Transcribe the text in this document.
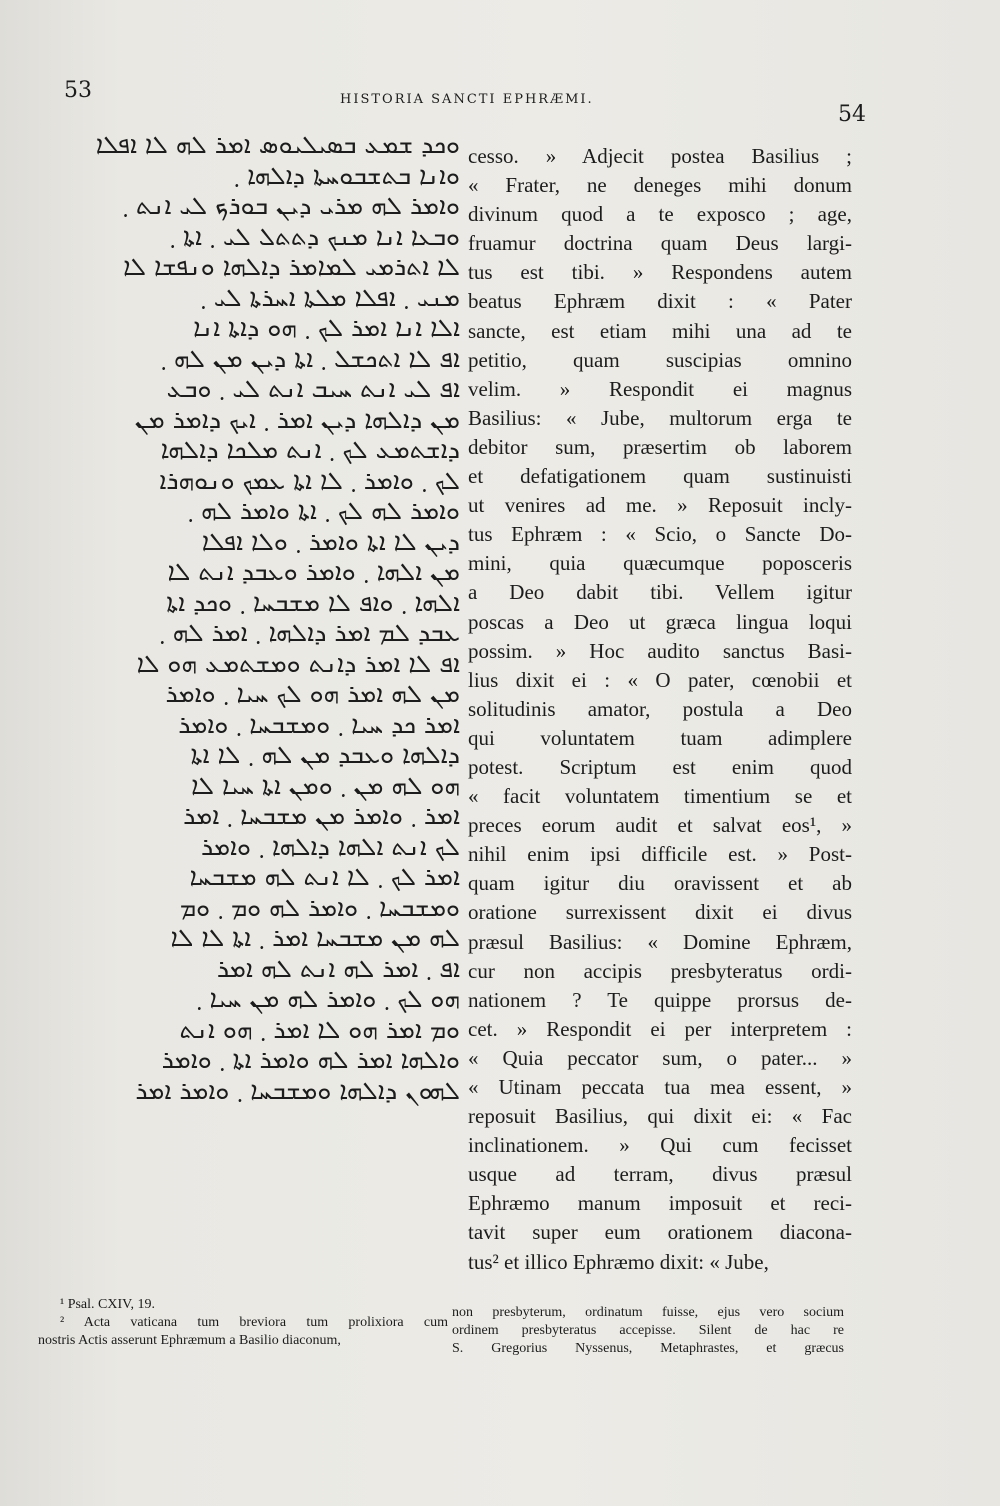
53	HISTORIA SANCTI EPHRÆMI.
54
ܘܟܕ ܫܡܥ ܒܣܝܠܝܘܣ ܐܡܪ ܠܗ ܠܐ ܐܦܠܐ
ܘܐܢܐ ܒܬܫܒܘܚܬܐ ܕܐܠܗܐ ܂
ܘܐܡܪ ܠܗ ܡܪܝ ܕܝܢ ܒܘܪܟ ܠܝ ܐܢܬ ܂
ܘܒܥܐ ܐܢܐ ܡܢܟ ܕܬܬܠ ܠܝ ܂ ܐܬܐ ܂
ܠܐ ܐܬܪܡܝ ܠܡܐܡܪ ܕܐܠܗܐ ܘܢܦܫܐ ܠܐ
ܡܢܝ ܂ ܐܦܠܐ ܡܠܬܐ ܐܚܪܬܐ ܠܝ ܂
ܐܠܐ ܐܢܐ ܐܡܪ ܠܟ ܂ ܗܘ ܕܐܬܐ ܐܢܐ
ܐܦ ܠܐ ܐܬܟܫܠ ܂ ܐܬܐ ܕܝܢ ܡܢ ܠܗ ܂
ܐܦ ܠܝ ܐܢܬ ܚܝܒ ܐܢܬ ܠܝ ܂ ܘܒܥ
ܡܢ ܕܐܠܗܐ ܕܝܢ ܐܡܪ ܂ ܐܝܟ ܕܐܡܪ ܡܢ
ܕܐܫܬܡܥ ܠܟ ܂ ܐܢܬ ܡܠܟܐ ܕܐܠܗܐ
ܠܟ ܂ ܘܐܡܪ ܂ ܠܐ ܐܬܐ ܥܡܟ ܘܢܘܗܪܐ
ܘܐܡܪ ܠܗ ܠܟ ܂ ܐܬܐ ܘܐܡܪ ܠܗ ܂
ܕܝܢ ܠܐ ܐܬܐ ܘܐܡܪ ܂ ܘܠܐ ܐܦܠܐ
ܡܢ ܐܠܗܐ ܂ ܘܐܡܪ ܘܥܒܕ ܐܢܬ ܠܐ
ܐܠܗܐ ܂ ܘܐܦ ܠܐ ܡܫܒܚܐ ܂ ܘܟܕ ܐܬܐ
ܥܒܕ ܠܡ ܐܡܪ ܕܐܠܗܐ ܂ ܐܡܪ ܠܗ ܂
ܐܦ ܠܐ ܐܡܪ ܕܐܢܬ ܘܡܫܬܡܥ ܗܘ ܠܐ
ܡܢ ܠܗ ܐܡܪ ܗܘ ܠܟ ܚܝܐ ܂ ܘܐܡܪ
ܐܡܪ ܟܕ ܚܝܐ ܂ ܘܡܫܒܚܐ ܂ ܘܐܡܪ
ܕܐܠܗܐ ܘܥܒܕ ܡܢ ܠܗ ܂ ܠܐ ܐܬܐ
ܗܘ ܠܗ ܡܢ ܂ ܘܡܢ ܐܬܐ ܚܝܐ ܠܐ
ܐܡܪ ܂ ܘܐܡܪ ܡܢ ܡܫܒܚܐ ܂ ܐܡܪ
ܠܟ ܐܢܬ ܐܠܗܐ ܕܐܠܗܐ ܂ ܘܐܡܪ
ܐܡܪ ܠܟ ܂ ܠܐ ܐܢܬ ܠܗ ܡܫܒܚܐ
ܘܡܫܒܚܐ ܂ ܘܐܡܪ ܠܗ ܘܡ ܂ ܘܡ
ܠܗ ܡܢ ܡܫܒܚܐ ܐܡܪ ܂ ܐܬܐ ܠܐ ܠܐ
ܐܦ ܂ ܐܡܪ ܠܗ ܐܢܬ ܠܗ ܐܡܪ
ܗܘ ܠܟ ܂ ܘܐܡܪ ܠܗ ܡܢ ܚܝܐ ܂
ܘܡ ܐܡܪ ܗܘ ܠܐ ܐܡܪ ܂ ܗܘ ܐܢܬ
ܘܐܠܗܐ ܐܡܪ ܠܗ ܘܐܡܪ ܐܬܐ ܂ ܘܐܡܪ
ܠܗܘܢ ܕܐܠܗܐ ܘܡܫܒܚܐ ܂ ܘܐܡܪ ܐܡܪ
cesso. » Adjecit postea Basilius ;
« Frater, ne deneges mihi donum
divinum quod a te exposco ; age,
fruamur doctrina quam Deus largi-
tus est tibi. » Respondens autem
beatus Ephræm dixit : « Pater
sancte, est etiam mihi una ad te
petitio, quam suscipias omnino
velim. » Respondit ei magnus
Basilius: « Jube, multorum erga te
debitor sum, præsertim ob laborem
et defatigationem quam sustinuisti
ut venires ad me. » Reposuit incly-
tus Ephræm : « Scio, o Sancte Do-
mini, quia quæcumque poposceris
a Deo dabit tibi. Vellem igitur
poscas a Deo ut græca lingua loqui
possim. » Hoc audito sanctus Basi-
lius dixit ei : « O pater, cœnobii et
solitudinis amator, postula a Deo
qui voluntatem tuam adimplere
potest. Scriptum est enim quod
« facit voluntatem timentium se et
preces eorum audit et salvat eos¹, »
nihil enim ipsi difficile est. » Post-
quam igitur diu oravissent et ab
oratione surrexissent dixit ei divus
præsul Basilius: « Domine Ephræm,
cur non accipis presbyteratus ordi-
nationem ? Te quippe prorsus de-
cet. » Respondit ei per interpretem :
« Quia peccator sum, o pater... »
« Utinam peccata tua mea essent, »
reposuit Basilius, qui dixit ei: « Fac
inclinationem. » Qui cum fecisset
usque ad terram, divus præsul
Ephræmo manum imposuit et reci-
tavit super eum orationem diacona-
tus² et illico Ephræmo dixit: « Jube,
¹ Psal. CXIV, 19.
² Acta vaticana tum breviora tum prolixiora cum
nostris Actis asserunt Ephræmum a Basilio diaconum,
non presbyterum, ordinatum fuisse, ejus vero socium
ordinem presbyteratus accepisse. Silent de hac re
S. Gregorius Nyssenus, Metaphrastes, et græcus
